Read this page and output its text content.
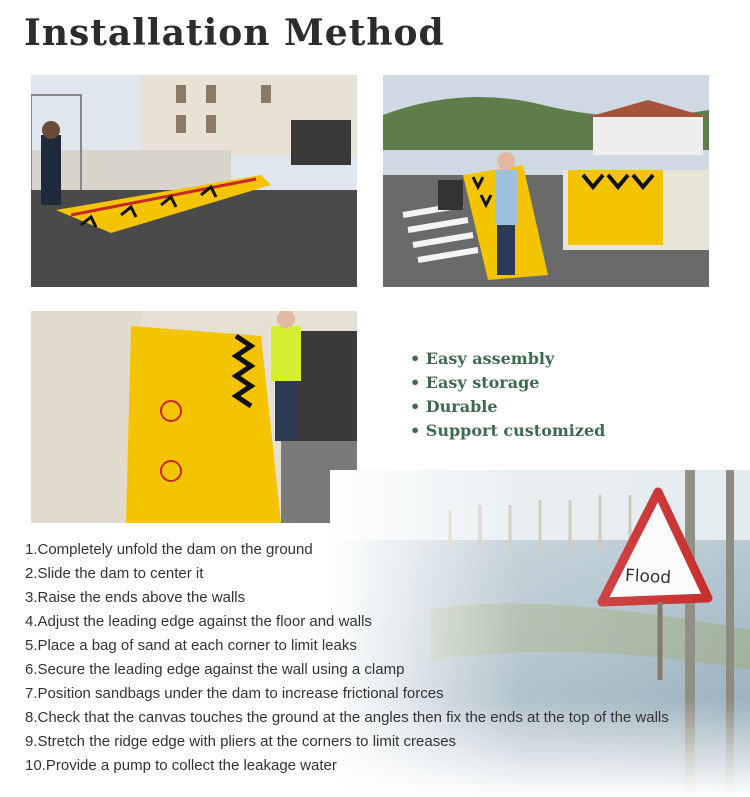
Installation Method
• Easy assembly
• Easy storage
• Durable
• Support customized
Flood
1.Completely unfold the dam on the ground
2.Slide the dam to center it
3.Raise the ends above the walls
4.Adjust the leading edge against the floor and walls
5.Place a bag of sand at each corner to limit leaks
6.Secure the leading edge against the wall using a clamp
7.Position sandbags under the dam to increase frictional forces
8.Check that the canvas touches the ground at the angles then fix the ends at the top of the walls
9.Stretch the ridge edge with pliers at the corners to limit creases
10.Provide a pump to collect the leakage water
